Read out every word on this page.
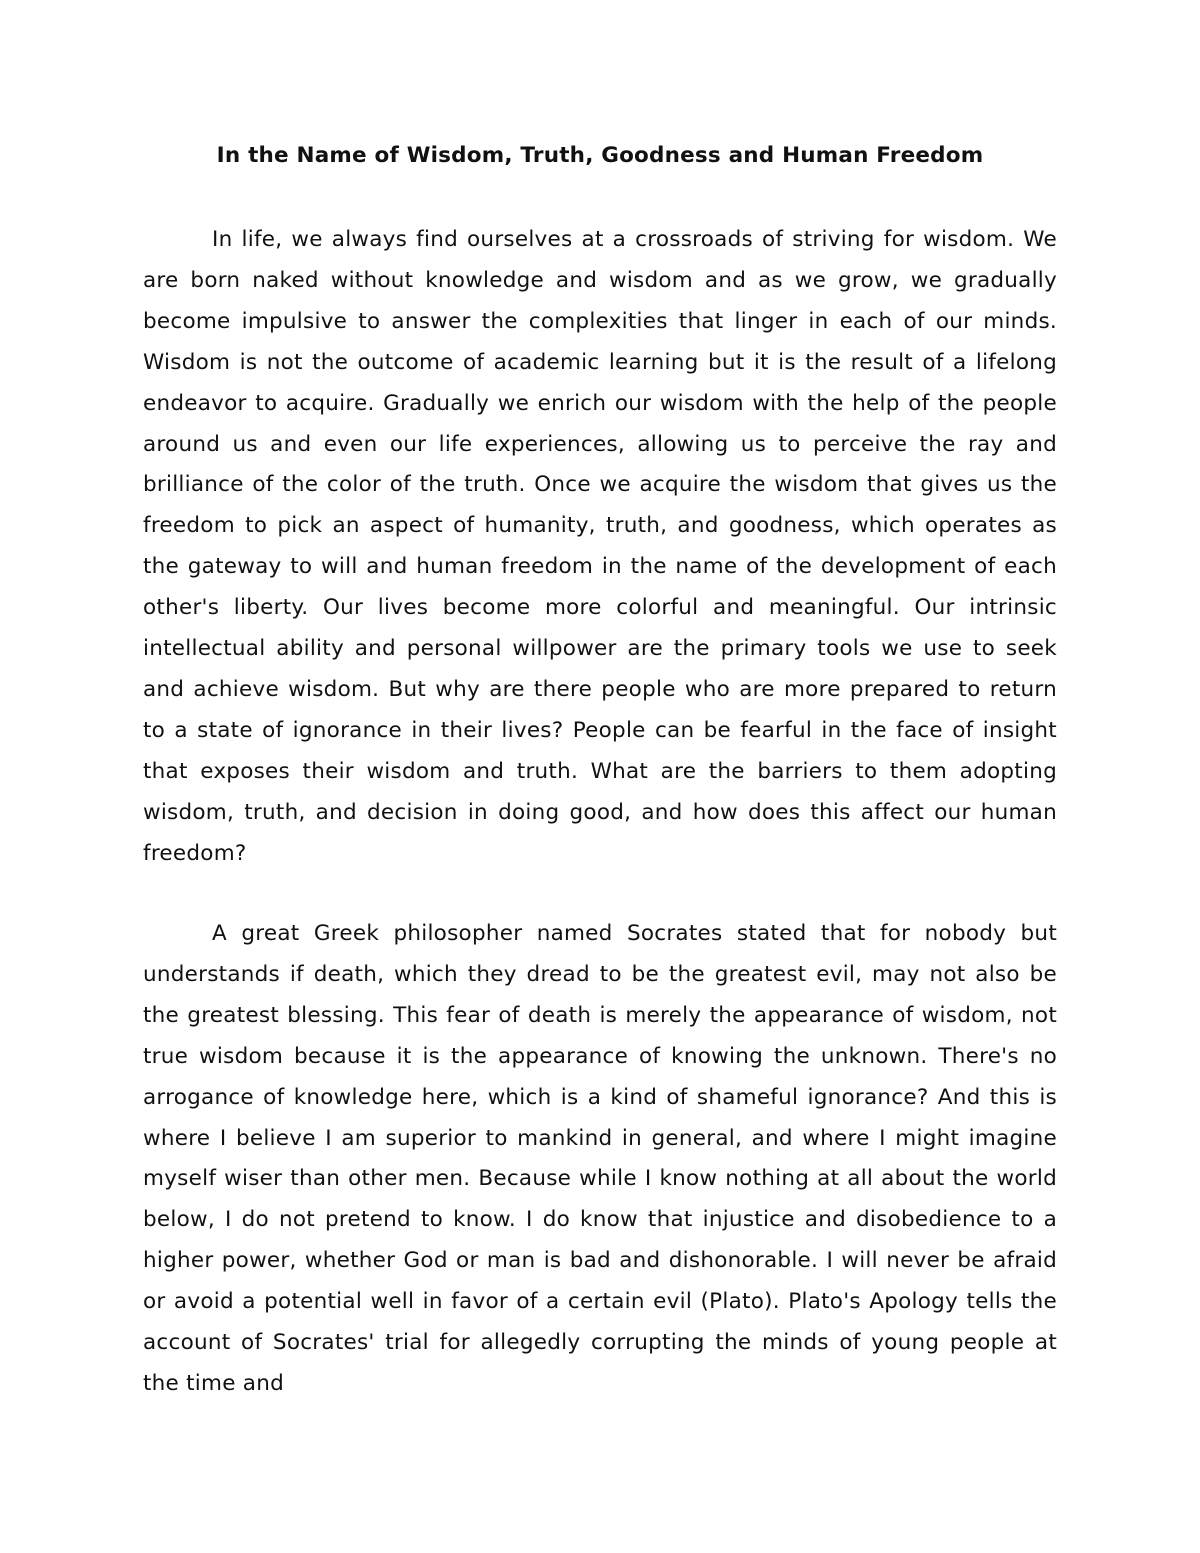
In the Name of Wisdom, Truth, Goodness and Human Freedom

In life, we always find ourselves at a crossroads of striving for wisdom. We are born naked without knowledge and wisdom and as we grow, we gradually become impulsive to answer the complexities that linger in each of our minds. Wisdom is not the outcome of academic learning but it is the result of a lifelong endeavor to acquire. Gradually we enrich our wisdom with the help of the people around us and even our life experiences, allowing us to perceive the ray and brilliance of the color of the truth. Once we acquire the wisdom that gives us the freedom to pick an aspect of humanity, truth, and goodness, which operates as the gateway to will and human freedom in the name of the development of each other's liberty. Our lives become more colorful and meaningful. Our intrinsic intellectual ability and personal willpower are the primary tools we use to seek and achieve wisdom. But why are there people who are more prepared to return to a state of ignorance in their lives? People can be fearful in the face of insight that exposes their wisdom and truth. What are the barriers to them adopting wisdom, truth, and decision in doing good, and how does this affect our human freedom?

A great Greek philosopher named Socrates stated that for nobody but understands if death, which they dread to be the greatest evil, may not also be the greatest blessing. This fear of death is merely the appearance of wisdom, not true wisdom because it is the appearance of knowing the unknown. There's no arrogance of knowledge here, which is a kind of shameful ignorance? And this is where I believe I am superior to mankind in general, and where I might imagine myself wiser than other men. Because while I know nothing at all about the world below, I do not pretend to know. I do know that injustice and disobedience to a higher power, whether God or man is bad and dishonorable. I will never be afraid or avoid a potential well in favor of a certain evil (Plato). Plato's Apology tells the account of Socrates' trial for allegedly corrupting the minds of young people at the time and
